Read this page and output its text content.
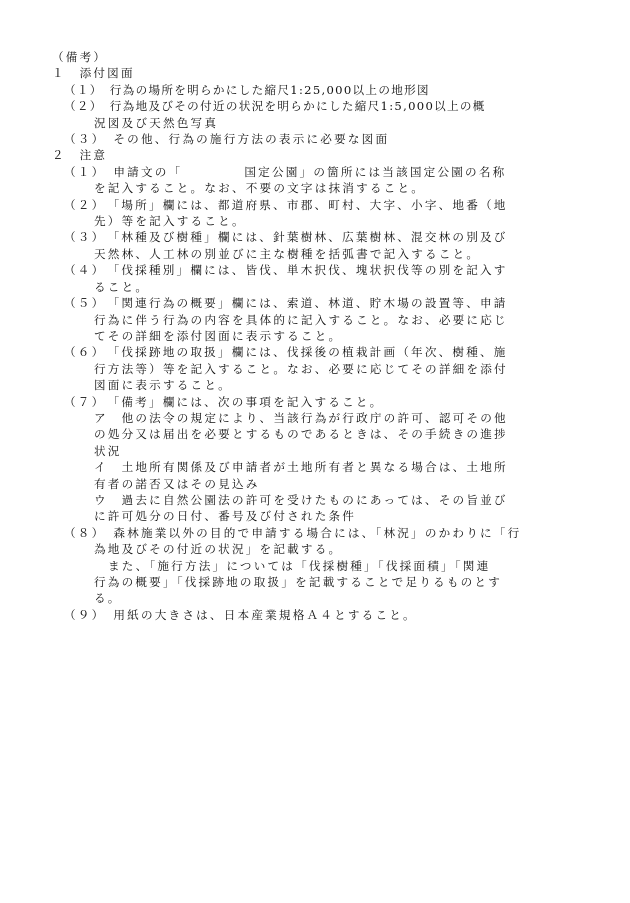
（備考）
１　添付図面
（１）　行為の場所を明らかにした縮尺1:25,000以上の地形図
（２）　行為地及びその付近の状況を明らかにした縮尺1:5,000以上の概
況図及び天然色写真
（３）　その他、行為の施行方法の表示に必要な図面
２　注意
（１）　申請文の「	国定公園」の箇所には当該国定公園の名称
を記入すること。なお、不要の文字は抹消すること。
（２）　「場所」欄には、都道府県、市郡、町村、大字、小字、地番（地
先）等を記入すること。
（３）　「林種及び樹種」欄には、針葉樹林、広葉樹林、混交林の別及び
天然林、人工林の別並びに主な樹種を括弧書で記入すること。
（４）　「伐採種別」欄には、皆伐、単木択伐、塊状択伐等の別を記入す
ること。
（５）　「関連行為の概要」欄には、索道、林道、貯木場の設置等、申請
行為に伴う行為の内容を具体的に記入すること。なお、必要に応じ
てその詳細を添付図面に表示すること。
（６）　「伐採跡地の取扱」欄には、伐採後の植栽計画（年次、樹種、施
行方法等）等を記入すること。なお、必要に応じてその詳細を添付
図面に表示すること。
（７）　「備考」欄には、次の事項を記入すること。
ア　他の法令の規定により、当該行為が行政庁の許可、認可その他
の処分又は届出を必要とするものであるときは、その手続きの進捗
状況
イ　土地所有関係及び申請者が土地所有者と異なる場合は、土地所
有者の諾否又はその見込み
ウ　過去に自然公園法の許可を受けたものにあっては、その旨並び
に許可処分の日付、番号及び付された条件
（８）　森林施業以外の目的で申請する場合には、「林況」のかわりに「行
為地及びその付近の状況」を記載する。
また、「施行方法」については「伐採樹種」「伐採面積」「関連
行為の概要」「伐採跡地の取扱」を記載することで足りるものとす
る。
（９）　用紙の大きさは、日本産業規格Ａ４とすること。
